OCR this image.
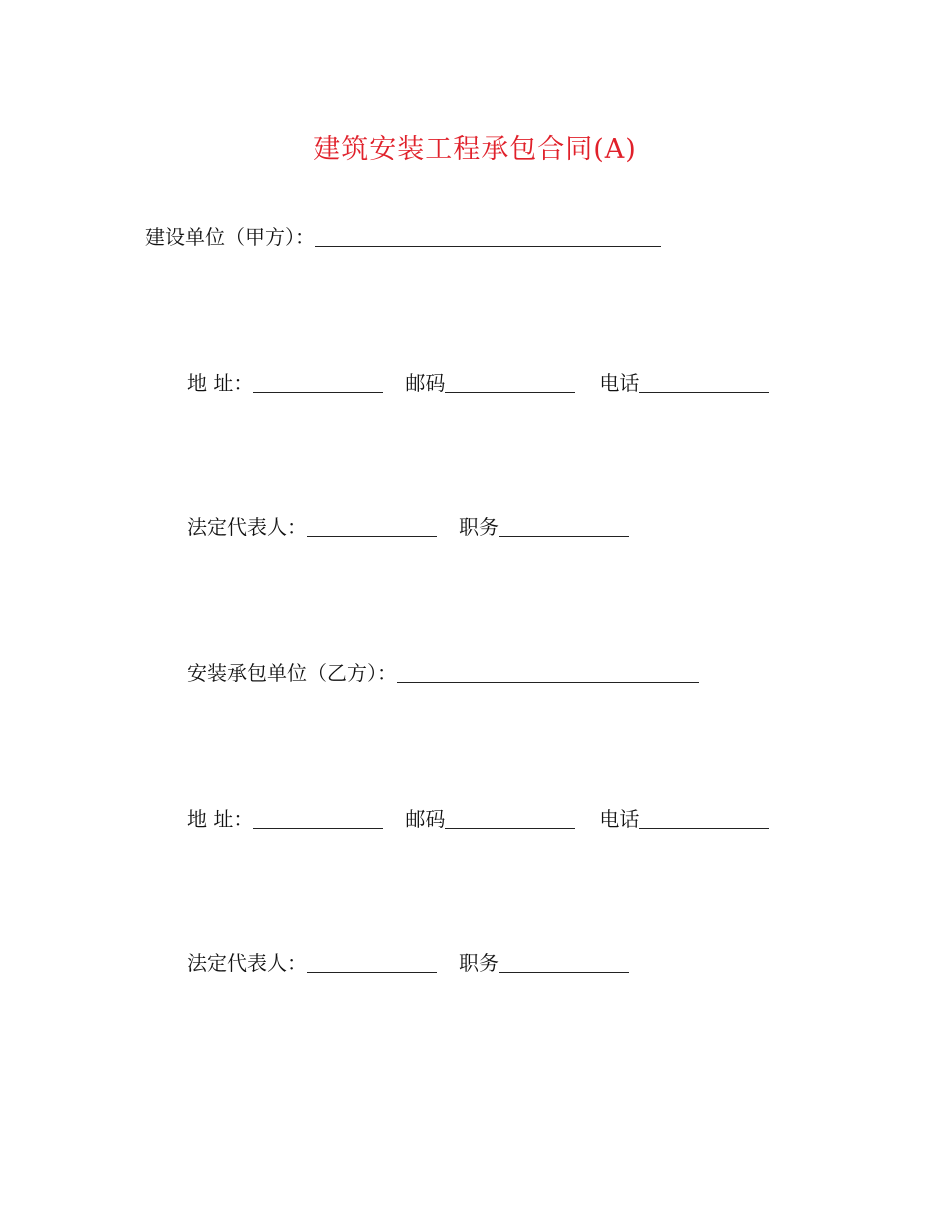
建筑安装工程承包合同(A)
建设单位（甲方）：
地 址：	邮码	电话
法定代表人：	职务
安装承包单位（乙方）：
地 址：	邮码	电话
法定代表人：	职务
